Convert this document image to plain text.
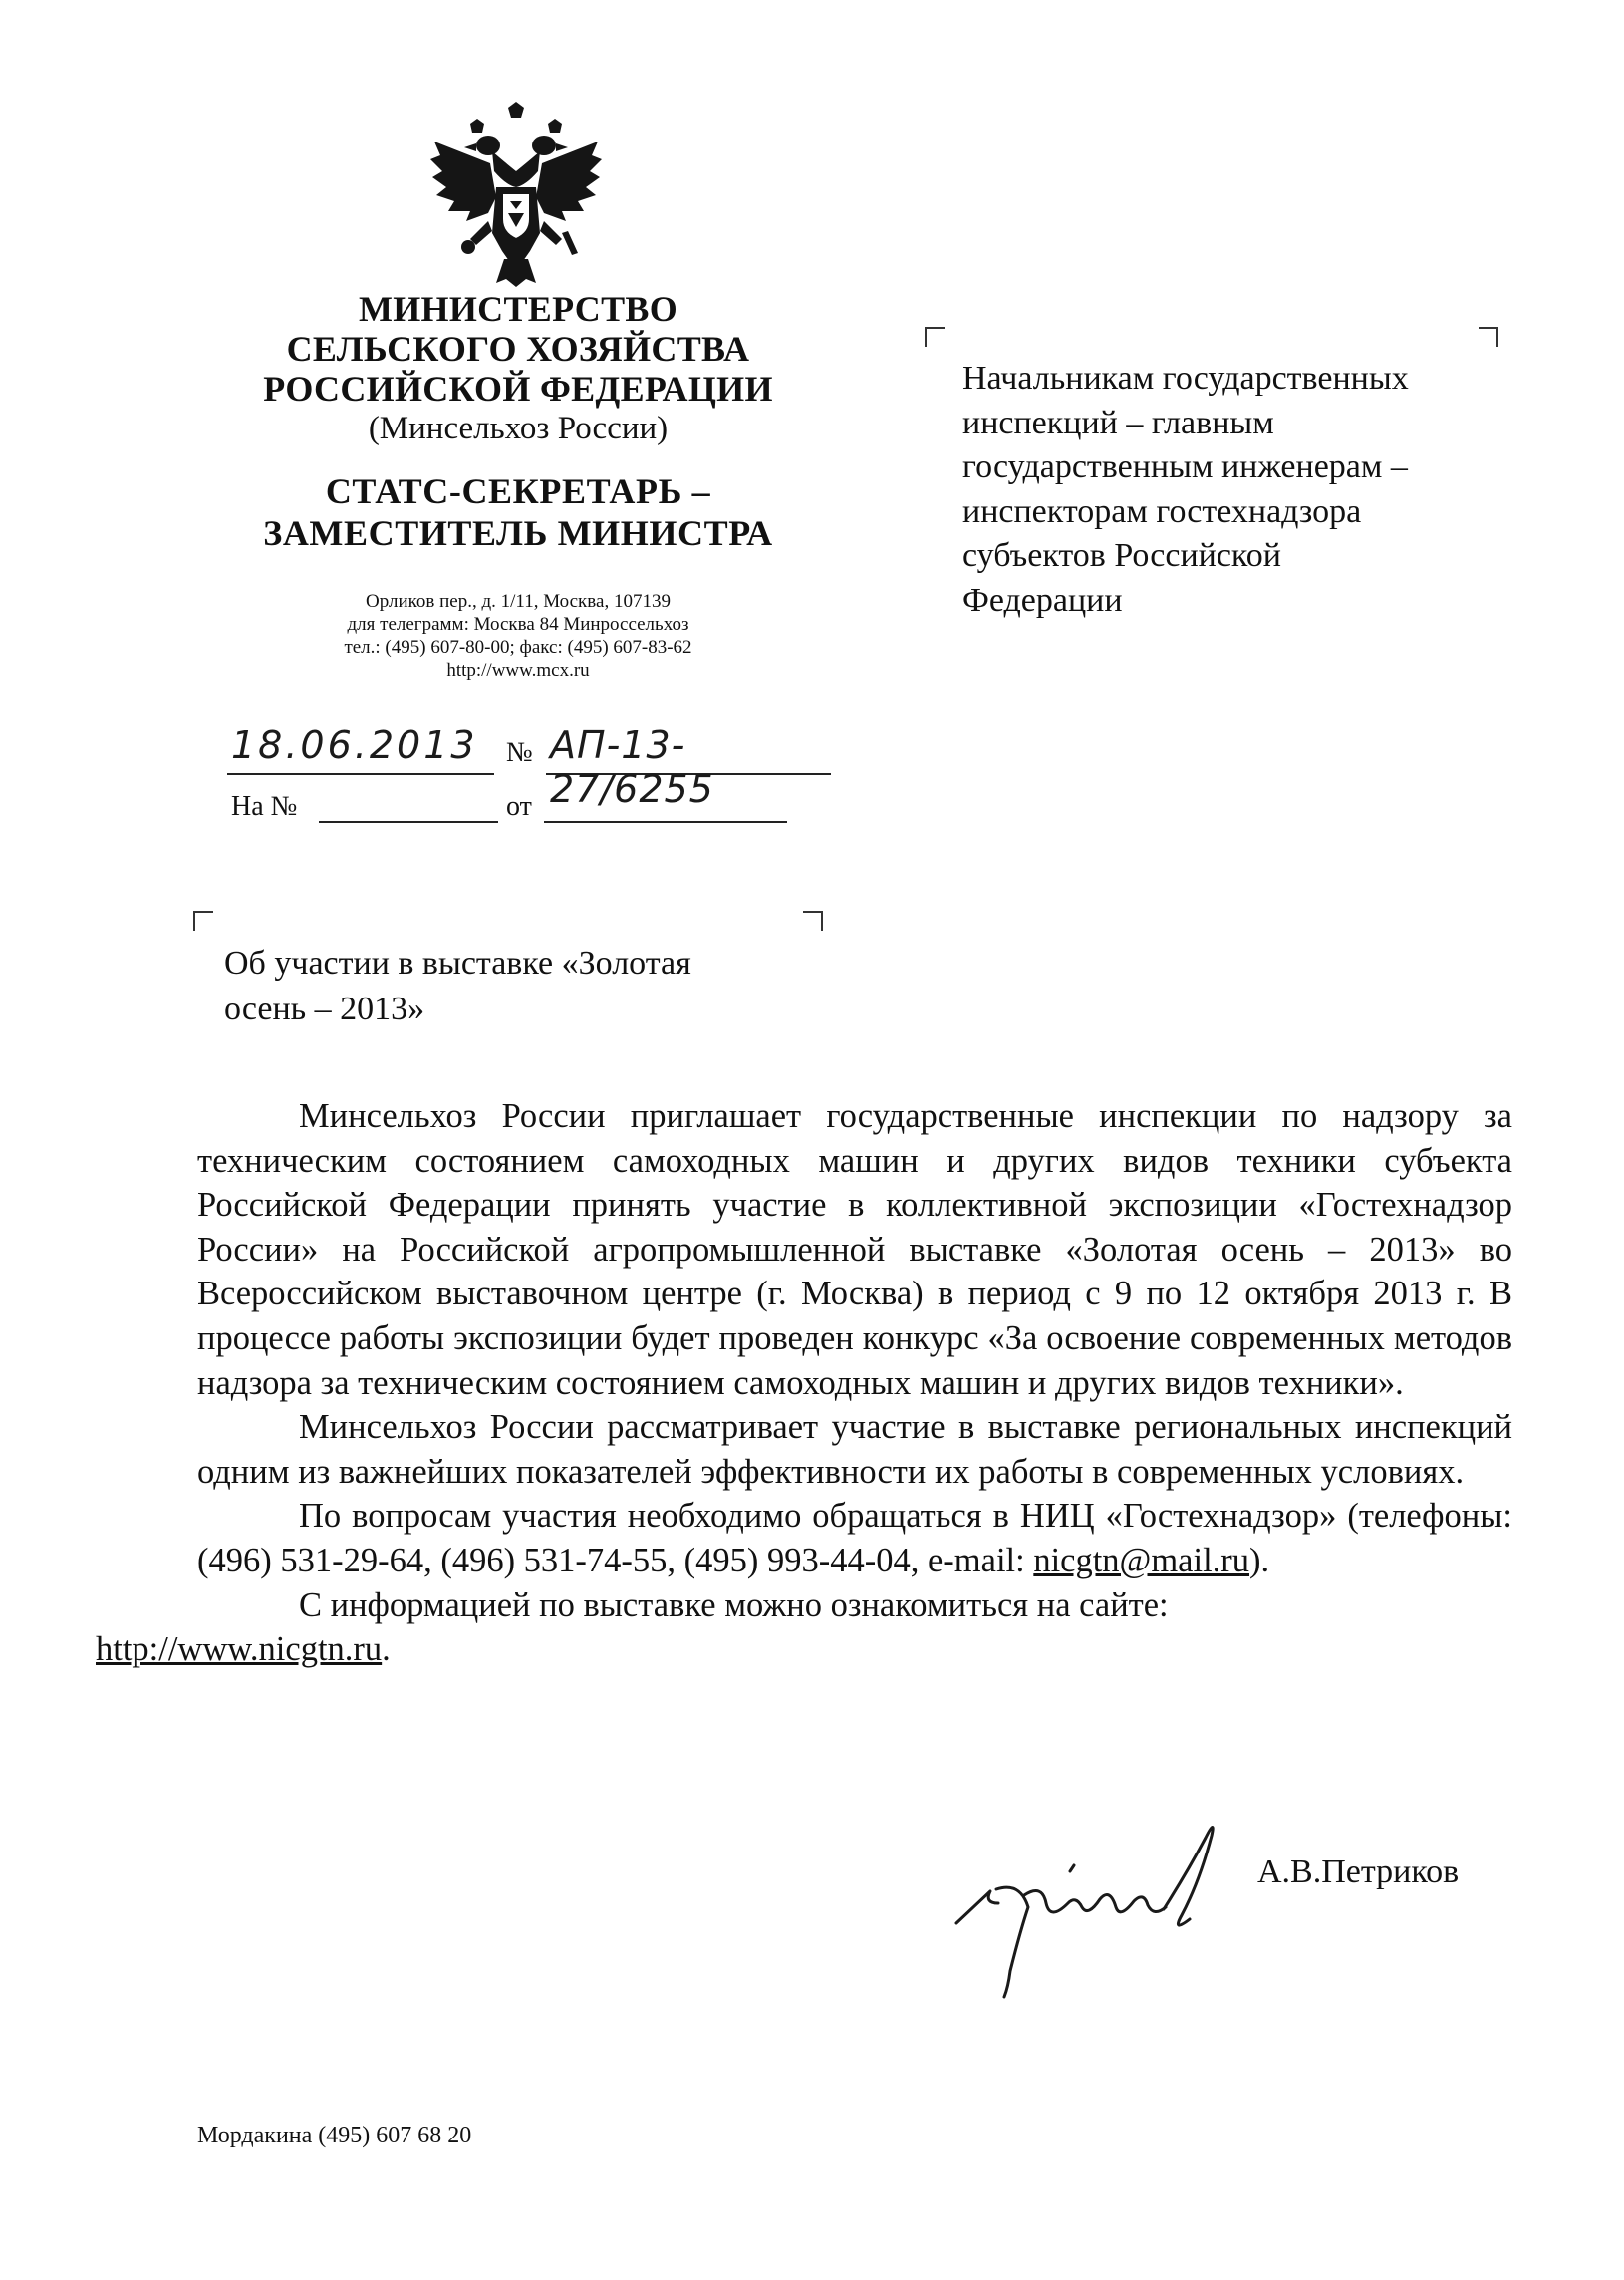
МИНИСТЕРСТВО
СЕЛЬСКОГО ХОЗЯЙСТВА
РОССИЙСКОЙ ФЕДЕРАЦИИ
(Минсельхоз России)
СТАТС-СЕКРЕТАРЬ –
ЗАМЕСТИТЕЛЬ МИНИСТРА
Орликов пер., д. 1/11, Москва, 107139
для телеграмм: Москва 84 Минроссельхоз
тел.: (495) 607-80-00; факс: (495) 607-83-62
http://www.mcx.ru
18.06.2013 № АП-13-27/6255
На №	от
Начальникам государственных
инспекций – главным
государственным инженерам –
инспекторам гостехнадзора
субъектов Российской
Федерации
Об участии в выставке «Золотая
осень – 2013»

Минсельхоз России приглашает государственные инспекции по надзору за техническим состоянием самоходных машин и других видов техники субъекта Российской Федерации принять участие в коллективной экспозиции «Гостехнадзор России» на Российской агропромышленной выставке «Золотая осень – 2013» во Всероссийском выставочном центре (г. Москва) в период с 9 по 12 октября 2013 г. В процессе работы экспозиции будет проведен конкурс «За освоение современных методов надзора за техническим состоянием самоходных машин и других видов техники».

Минсельхоз России рассматривает участие в выставке региональных инспекций одним из важнейших показателей эффективности их работы в современных условиях.

По вопросам участия необходимо обращаться в НИЦ «Гостехнадзор» (телефоны: (496) 531-29-64, (496) 531-74-55, (495) 993-44-04, e-mail: nicgtn@mail.ru).

С информацией по выставке можно ознакомиться на сайте:
http://www.nicgtn.ru.

А.В.Петриков
Мордакина (495) 607 68 20
